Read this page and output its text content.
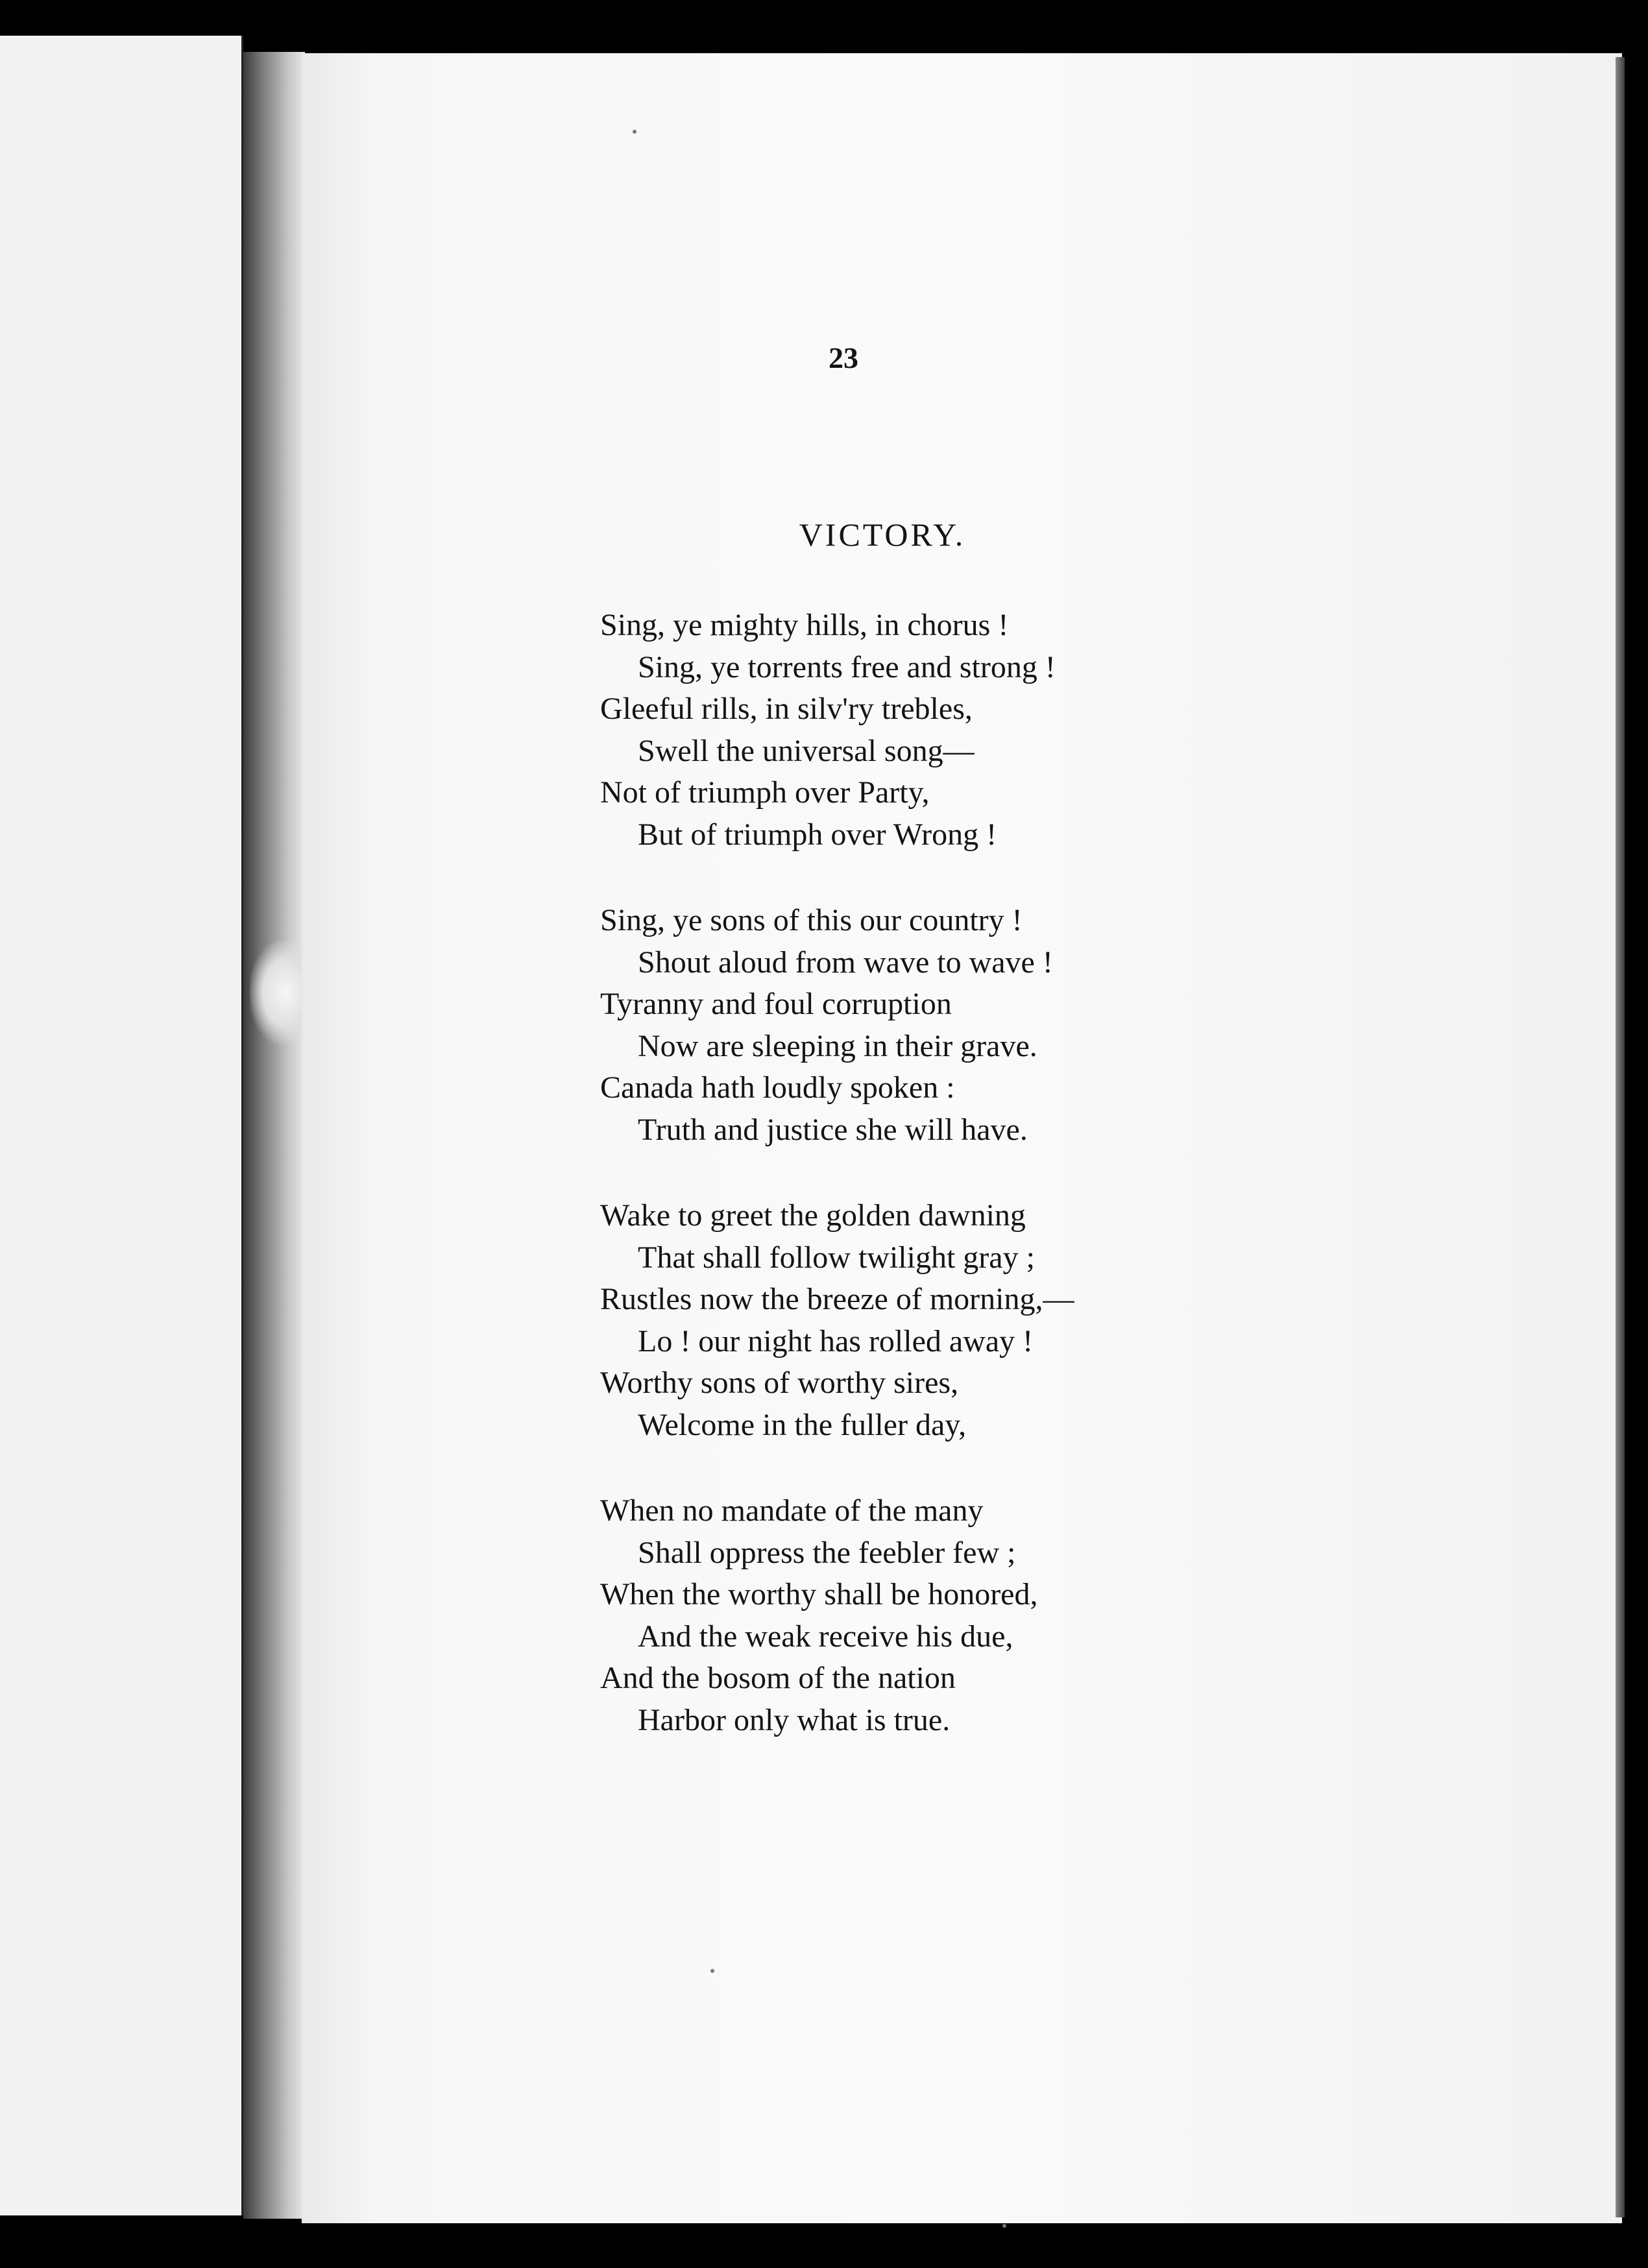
23
VICTORY.
Sing, ye mighty hills, in chorus !
Sing, ye torrents free and strong !
Gleeful rills, in silv'ry trebles,
Swell the universal song—
Not of triumph over Party,
But of triumph over Wrong !
Sing, ye sons of this our country !
Shout aloud from wave to wave !
Tyranny and foul corruption
Now are sleeping in their grave.
Canada hath loudly spoken :
Truth and justice she will have.
Wake to greet the golden dawning
That shall follow twilight gray ;
Rustles now the breeze of morning,—
Lo ! our night has rolled away !
Worthy sons of worthy sires,
Welcome in the fuller day,
When no mandate of the many
Shall oppress the feebler few ;
When the worthy shall be honored,
And the weak receive his due,
And the bosom of the nation
Harbor only what is true.
